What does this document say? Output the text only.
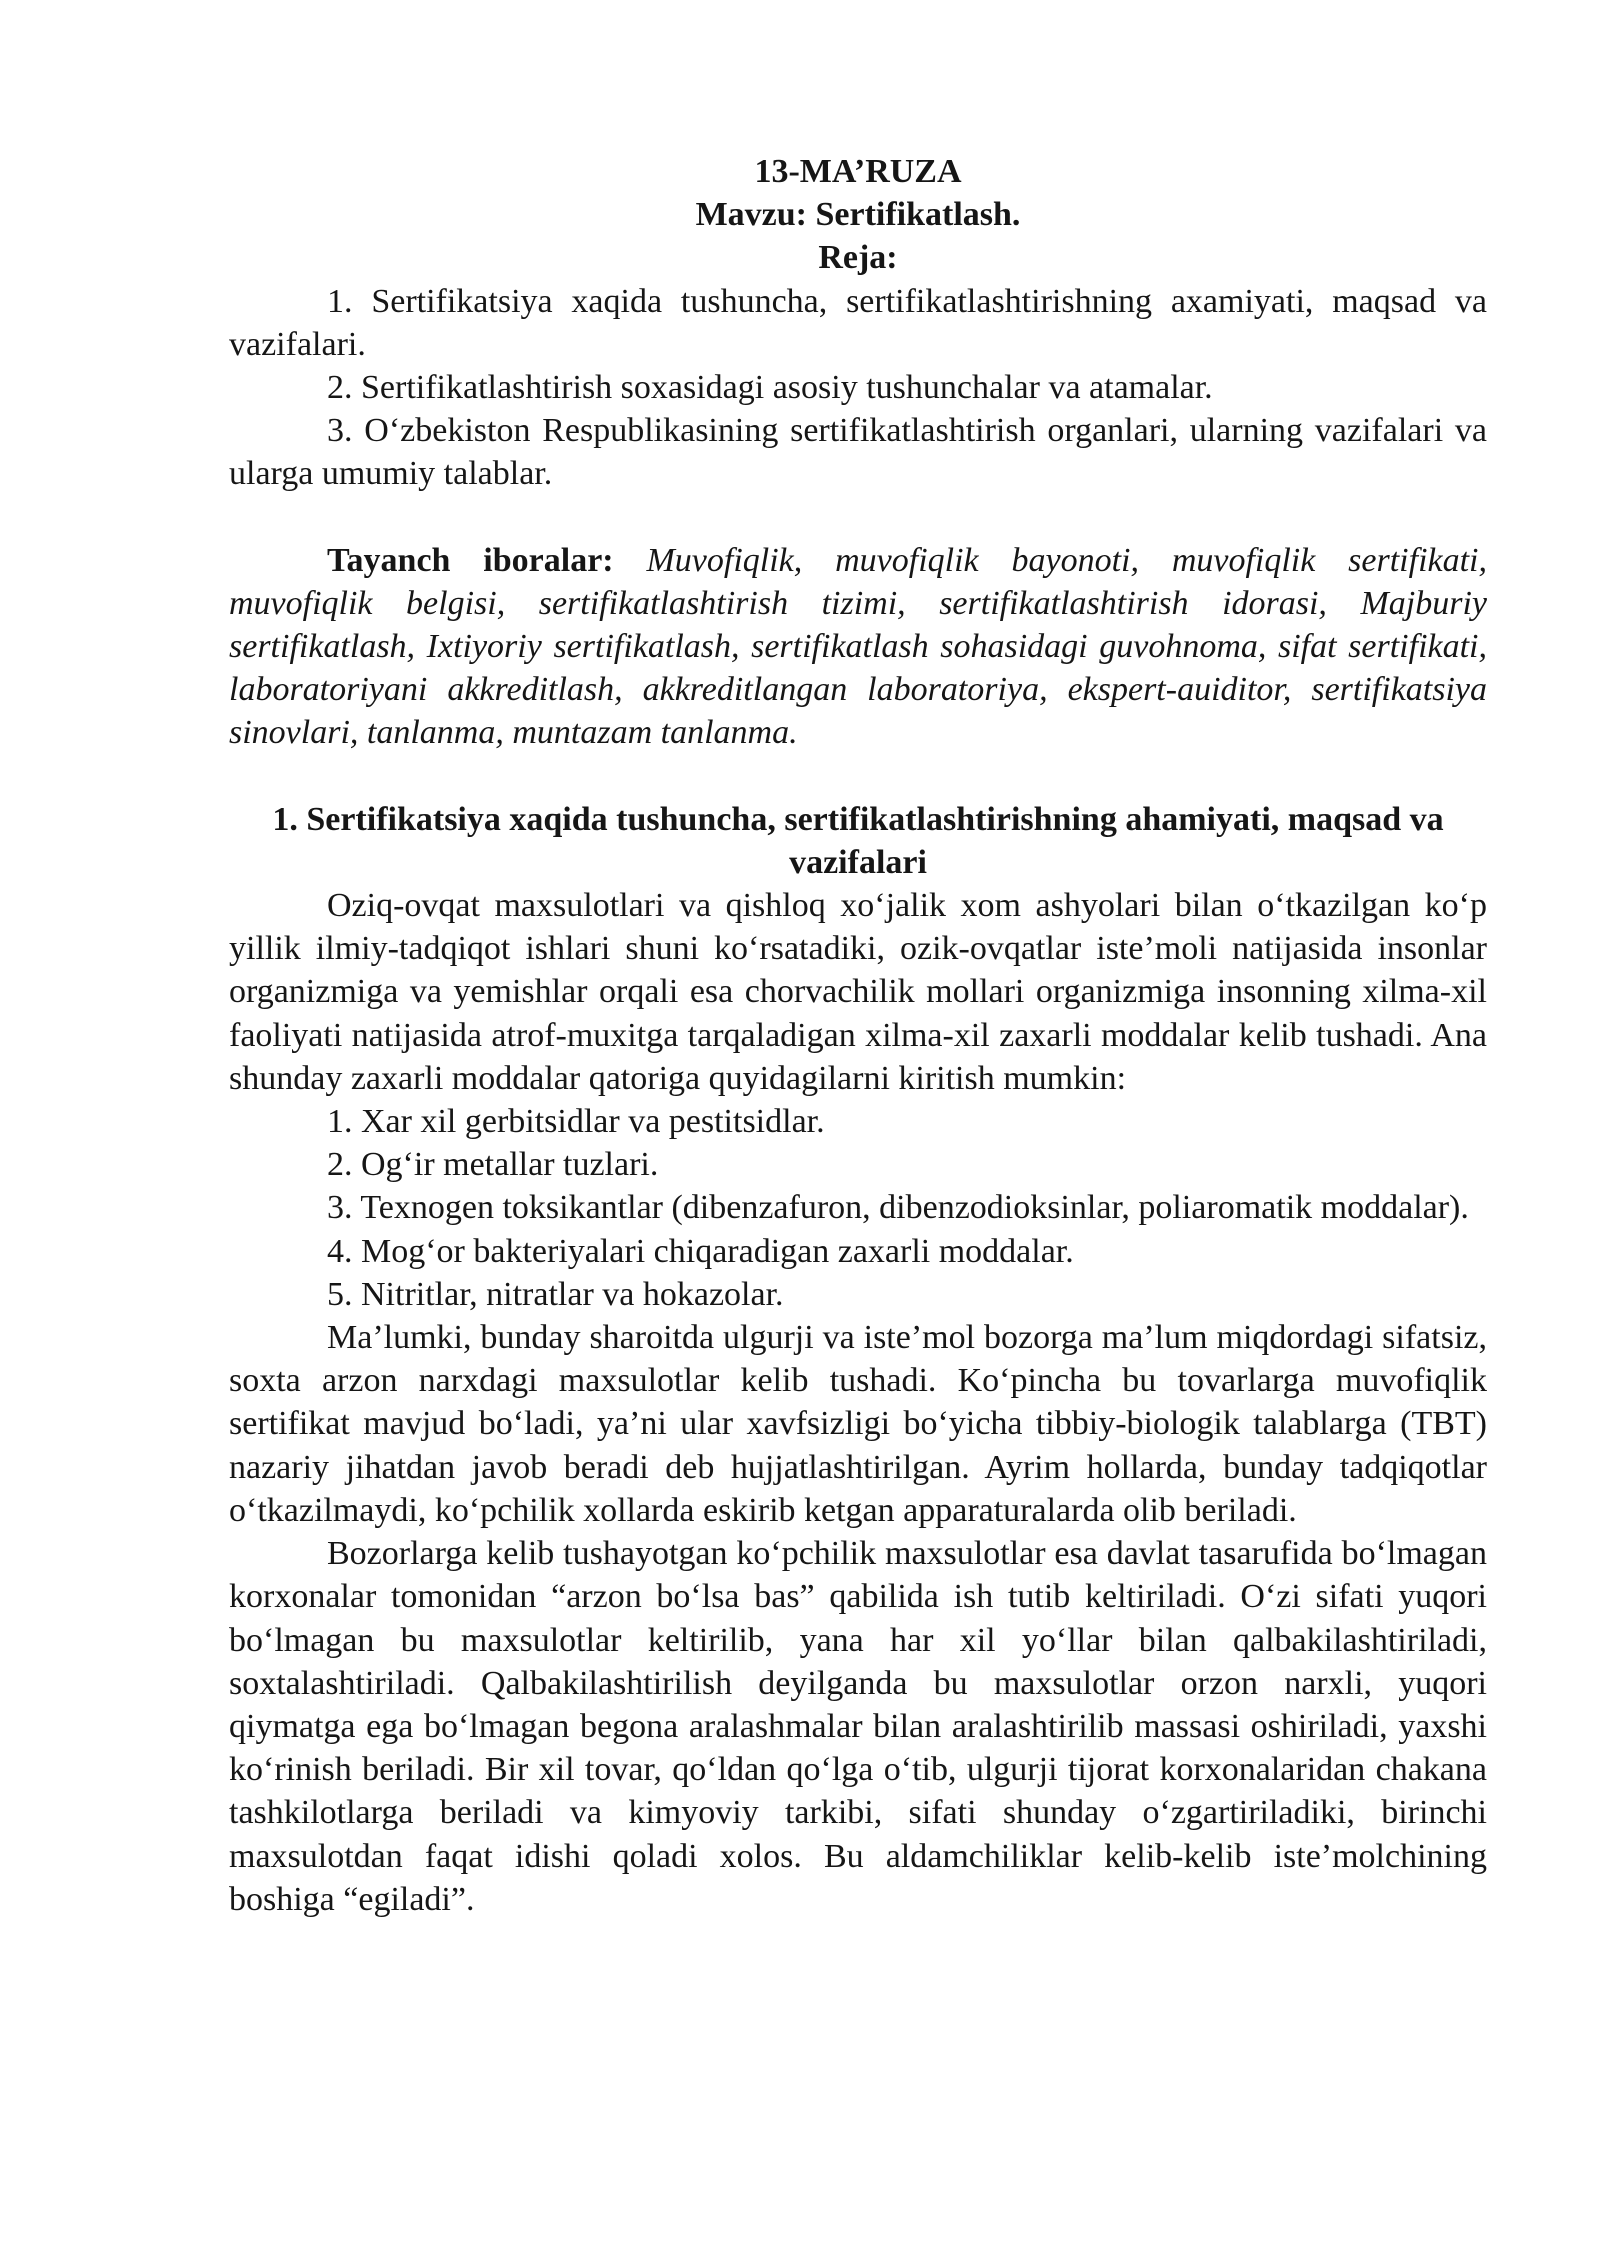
13-MA’RUZA
Mavzu: Sertifikatlash.
Reja:

1. Sertifikatsiya xaqida tushuncha, sertifikatlashtirishning axamiyati, maqsad va vazifalari.

2. Sertifikatlashtirish soxasidagi asosiy tushunchalar va atamalar.

3. O‘zbekiston Respublikasining sertifikatlashtirish organlari, ularning vazifalari va ularga umumiy talablar.

Tayanch iboralar: Muvofiqlik, muvofiqlik bayonoti, muvofiqlik sertifikati, muvofiqlik belgisi, sertifikatlashtirish tizimi, sertifikatlashtirish idorasi, Majburiy sertifikatlash, Ixtiyoriy sertifikatlash, sertifikatlash sohasidagi guvohnoma, sifat sertifikati, laboratoriyani akkreditlash, akkreditlangan laboratoriya, ekspert-auiditor, sertifikatsiya sinovlari, tanlanma, muntazam tanlanma.

1. Sertifikatsiya xaqida tushuncha, sertifikatlashtirishning ahamiyati, maqsad va vazifalari

Oziq-ovqat maxsulotlari va qishloq xo‘jalik xom ashyolari bilan o‘tkazilgan ko‘p yillik ilmiy-tadqiqot ishlari shuni ko‘rsatadiki, ozik-ovqatlar iste’moli natijasida insonlar organizmiga va yemishlar orqali esa chorvachilik mollari organizmiga insonning xilma-xil faoliyati natijasida atrof-muxitga tarqaladigan xilma-xil zaxarli moddalar kelib tushadi. Ana shunday zaxarli moddalar qatoriga quyidagilarni kiritish mumkin:

1. Xar xil gerbitsidlar va pestitsidlar.

2. Og‘ir metallar tuzlari.

3. Texnogen toksikantlar (dibenzafuron, dibenzodioksinlar, poliaromatik moddalar).

4. Mog‘or bakteriyalari chiqaradigan zaxarli moddalar.

5. Nitritlar, nitratlar va hokazolar.

Ma’lumki, bunday sharoitda ulgurji va iste’mol bozorga ma’lum miqdordagi sifatsiz, soxta arzon narxdagi maxsulotlar kelib tushadi. Ko‘pincha bu tovarlarga muvofiqlik sertifikat mavjud bo‘ladi, ya’ni ular xavfsizligi bo‘yicha tibbiy-biologik talablarga (TBT) nazariy jihatdan javob beradi deb hujjatlashtirilgan. Ayrim hollarda, bunday tadqiqotlar o‘tkazilmaydi, ko‘pchilik xollarda eskirib ketgan apparaturalarda olib beriladi.

Bozorlarga kelib tushayotgan ko‘pchilik maxsulotlar esa davlat tasarufida bo‘lmagan korxonalar tomonidan “arzon bo‘lsa bas” qabilida ish tutib keltiriladi. O‘zi sifati yuqori bo‘lmagan bu maxsulotlar keltirilib, yana har xil yo‘llar bilan qalbakilashtiriladi, soxtalashtiriladi. Qalbakilashtirilish deyilganda bu maxsulotlar orzon narxli, yuqori qiymatga ega bo‘lmagan begona aralashmalar bilan aralashtirilib massasi oshiriladi, yaxshi ko‘rinish beriladi. Bir xil tovar, qo‘ldan qo‘lga o‘tib, ulgurji tijorat korxonalaridan chakana tashkilotlarga beriladi va kimyoviy tarkibi, sifati shunday o‘zgartiriladiki, birinchi maxsulotdan faqat idishi qoladi xolos. Bu aldamchiliklar kelib-kelib iste’molchining boshiga “egiladi”.
